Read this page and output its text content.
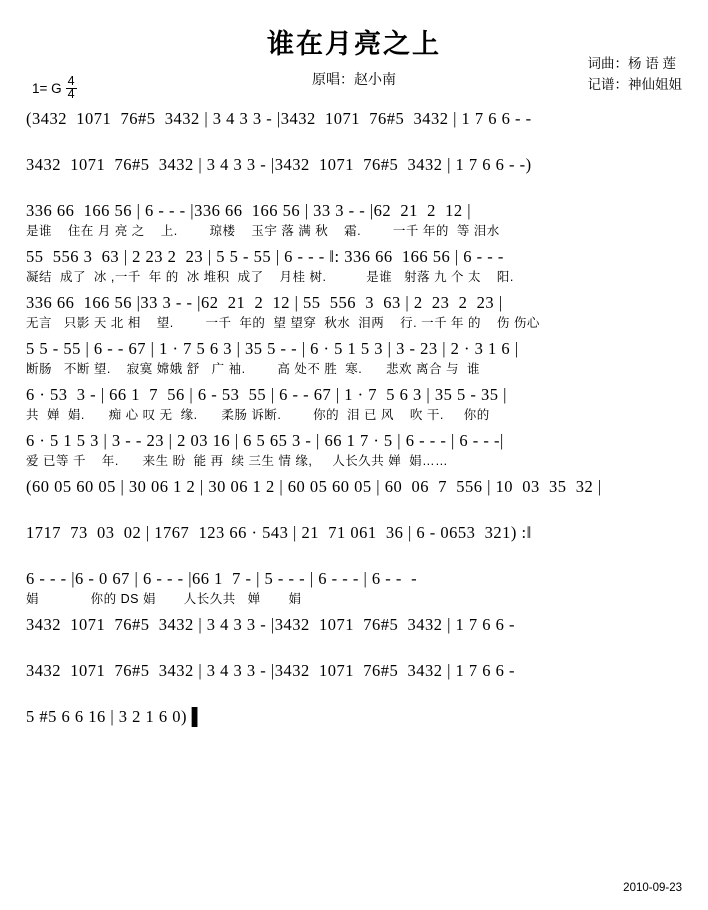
谁在月亮之上
原唱：赵小南
词曲：杨 语 莲
记谱：神仙姐姐
1= G $\frac{4}{4}$
(3432  1071  76#5  3432 | 3 4 3 3 - |3432  1071  76#5  3432 | 1 7 6 6 - -
3432  1071  76#5  3432 | 3 4 3 3 - |3432  1071  76#5  3432 | 1 7 6 6 - -)
336 66  166 56 | 6 - - - |336 66  166 56 | 33 3 - - |62  21  2  12 |
是谁    住在 月 亮 之    上.        琼楼    玉宇 落 满 秋    霜.        一千 年的  等 泪水
55  556 3  63 | 2 23 2  23 | 5 5 - 55 | 6 - - - ‖: 336 66  166 56 | 6 - - -
凝结  成了  冰 ,一千  年 的  冰 堆积  成了    月桂 树.          是谁   射落 九 个 太    阳.
336 66  166 56 |33 3 - - |62  21  2  12 | 55  556  3  63 | 2  23  2  23 |
无言   只影 天 北 相    望.        一千  年的  望 望穿  秋水  泪两    行. 一千 年 的    伤 伤心
5 5 - 55 | 6 - - 67 | 1 · 7 5 6 3 | 35 5 - - | 6 · 5 1 5 3 | 3 - 23 | 2 · 3 1 6 |
断肠   不断 望.    寂寞 嫦娥 舒   广 袖.        高 处不 胜  寒.      悲欢 离合 与  谁
6 · 53  3 - | 66 1  7  56 | 6 - 53  55 | 6 - - 67 | 1 · 7  5 6 3 | 35 5 - 35 |
共  婵  娟.      痴 心 叹 无  缘.      柔肠 诉断.        你的  泪 已 风    吹 干.     你的
6 · 5 1 5 3 | 3 - - 23 | 2 03 16 | 6 5 65 3 - | 66 1 7 · 5 | 6 - - - | 6 - - -|
爱 已等 千    年.      来生 盼  能 再  续 三生 情 缘,     人长久共 婵  娟……
(60 05 60 05 | 30 06 1 2 | 30 06 1 2 | 60 05 60 05 | 60  06  7  556 | 10  03  35  32 |
1717  73  03  02 | 1767  123 66 · 543 | 21  71 061  36 | 6 - 0653  321) :‖
6 - - - |6 - 0 67 | 6 - - - |66 1  7 - | 5 - - - | 6 - - - | 6 - -  -
娟             你的 DS 娟       人长久共   婵       娟
3432  1071  76#5  3432 | 3 4 3 3 - |3432  1071  76#5  3432 | 1 7 6 6 -
3432  1071  76#5  3432 | 3 4 3 3 - |3432  1071  76#5  3432 | 1 7 6 6 -
5 #5 6 6 16 | 3 2 1 6 0) ▌
2010-09-23
